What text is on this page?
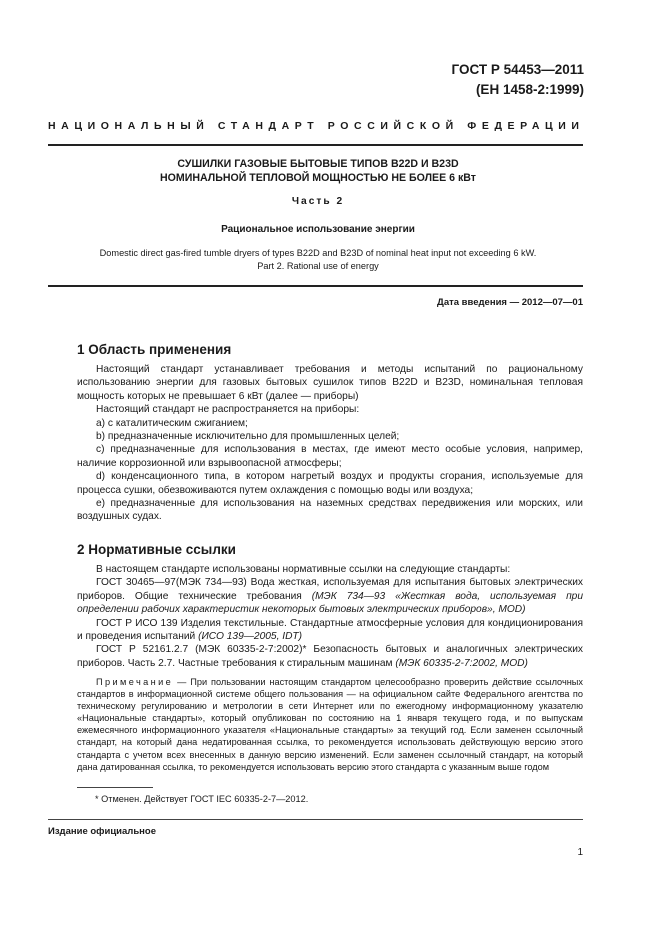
ГОСТ Р 54453—2011
(ЕН 1458-2:1999)
НАЦИОНАЛЬНЫЙ СТАНДАРТ РОССИЙСКОЙ ФЕДЕРАЦИИ
СУШИЛКИ ГАЗОВЫЕ БЫТОВЫЕ ТИПОВ В22D И В23D
НОМИНАЛЬНОЙ ТЕПЛОВОЙ МОЩНОСТЬЮ НЕ БОЛЕЕ 6 кВт
Часть 2
Рациональное использование энергии
Domestic direct gas-fired tumble dryers of types B22D and B23D of nominal heat input not exceeding 6 kW.
Part 2. Rational use of energy
Дата введения — 2012—07—01
1 Область применения

Настоящий стандарт устанавливает требования и методы испытаний по рациональному использованию энергии для газовых бытовых сушилок типов В22D и В23D, номинальная тепловая мощность которых не превышает 6 кВт (далее — приборы)

Настоящий стандарт не распространяется на приборы:

а) с каталитическим сжиганием;

b) предназначенные исключительно для промышленных целей;

c) предназначенные для использования в местах, где имеют место особые условия, например, наличие коррозионной или взрывоопасной атмосферы;

d) конденсационного типа, в котором нагретый воздух и продукты сгорания, используемые для процесса сушки, обезвоживаются путем охлаждения с помощью воды или воздуха;

e) предназначенные для использования на наземных средствах передвижения или морских, или воздушных судах.

2 Нормативные ссылки

В настоящем стандарте использованы нормативные ссылки на следующие стандарты:

ГОСТ 30465—97(МЭК 734—93) Вода жесткая, используемая для испытания бытовых электрических приборов. Общие технические требования (МЭК 734—93 «Жесткая вода, используемая при определении рабочих характеристик некоторых бытовых электрических приборов», MOD)

ГОСТ Р ИСО 139 Изделия текстильные. Стандартные атмосферные условия для кондиционирования и проведения испытаний (ИСО 139—2005, IDT)

ГОСТ Р 52161.2.7 (МЭК 60335-2-7:2002)* Безопасность бытовых и аналогичных электрических приборов. Часть 2.7. Частные требования к стиральным машинам (МЭК 60335-2-7:2002, MOD)

Примечание — При пользовании настоящим стандартом целесообразно проверить действие ссылочных стандартов в информационной системе общего пользования — на официальном сайте Федерального агентства по техническому регулированию и метрологии в сети Интернет или по ежегодному информационному указателю «Национальные стандарты», который опубликован по состоянию на 1 января текущего года, и по выпускам ежемесячного информационного указателя «Национальные стандарты» за текущий год. Если заменен ссылочный стандарт, на который дана недатированная ссылка, то рекомендуется использовать действующую версию этого стандарта с учетом всех внесенных в данную версию изменений. Если заменен ссылочный стандарт, на который дана датированная ссылка, то рекомендуется использовать версию этого стандарта с указанным выше годом

* Отменен. Действует ГОСТ IEC 60335-2-7—2012.
Издание официальное
1
